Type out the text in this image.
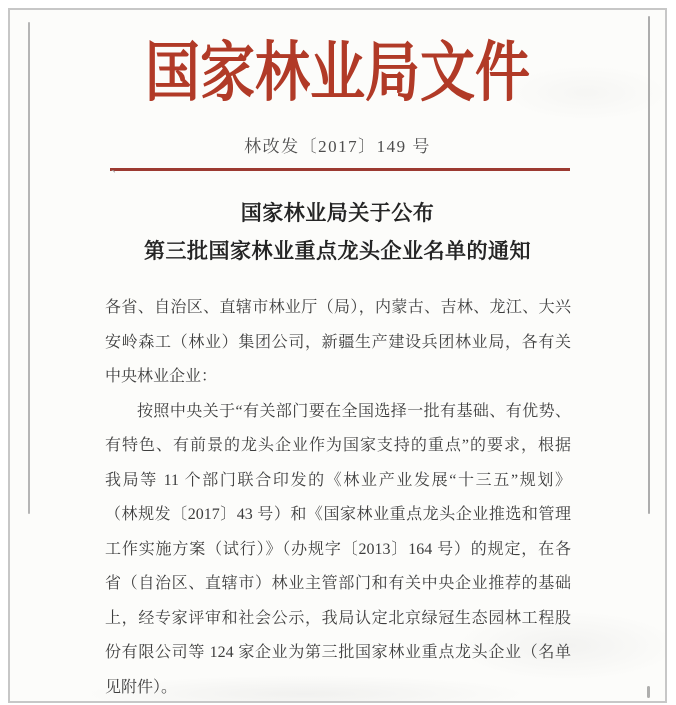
国家林业局文件
林改发〔2017〕149 号
、
国家林业局关于公布
第三批国家林业重点龙头企业名单的通知
各省、自治区、直辖市林业厅（局），内蒙古、吉林、龙江、大兴
安岭森工（林业）集团公司，新疆生产建设兵团林业局，各有关
中央林业企业：
按照中央关于“有关部门要在全国选择一批有基础、有优势、
有特色、有前景的龙头企业作为国家支持的重点”的要求，根据
我局等 11 个部门联合印发的《林业产业发展“十三五”规划》
（林规发〔2017〕43 号）和《国家林业重点龙头企业推选和管理
工作实施方案（试行）》（办规字〔2013〕164 号）的规定，在各
省（自治区、直辖市）林业主管部门和有关中央企业推荐的基础
上，经专家评审和社会公示，我局认定北京绿冠生态园林工程股
份有限公司等 124 家企业为第三批国家林业重点龙头企业（名单
见附件）。
